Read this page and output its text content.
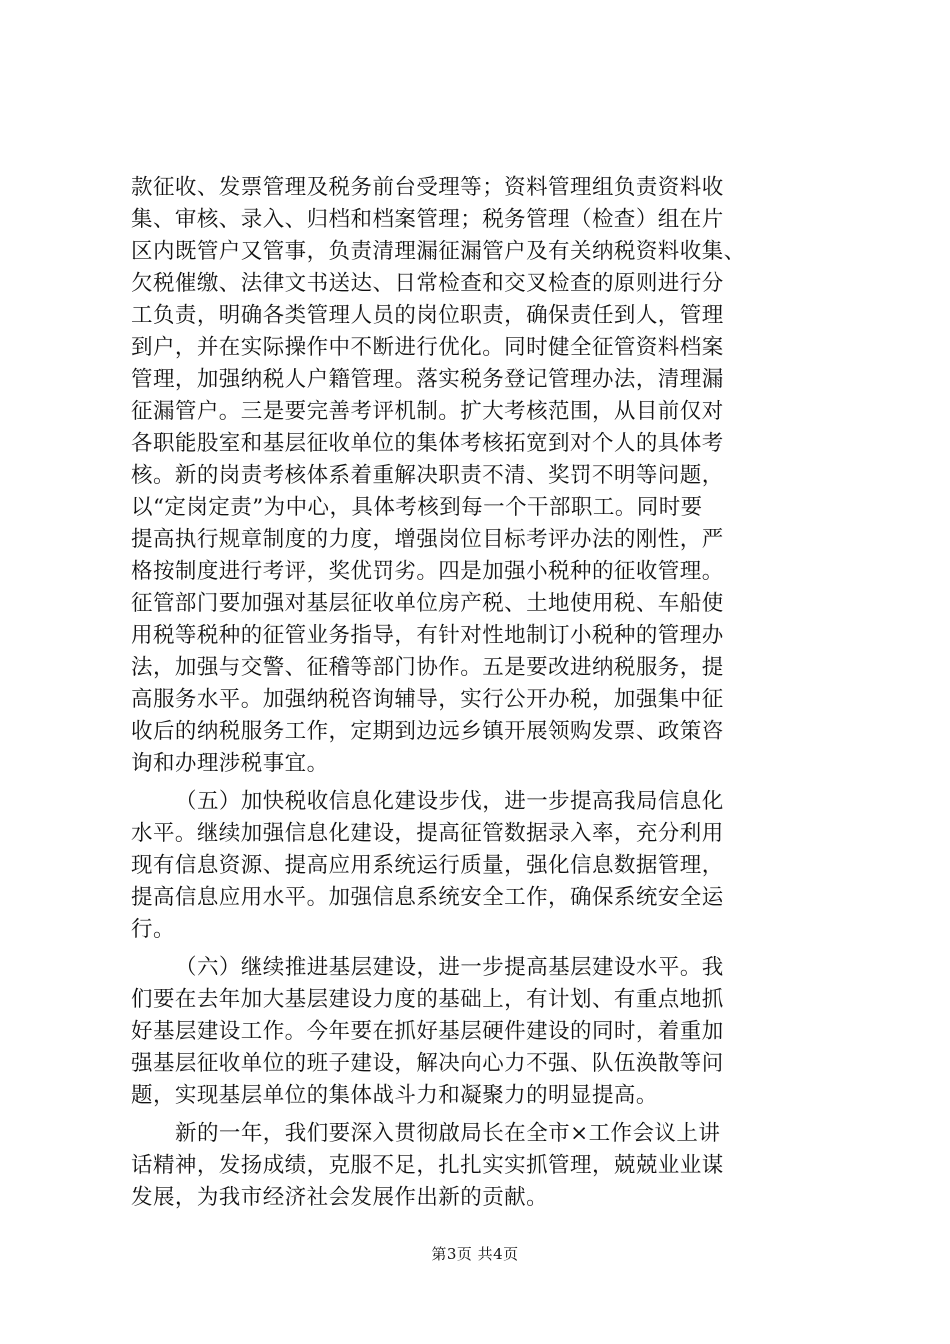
款征收、发票管理及税务前台受理等；资料管理组负责资料收
集、审核、录入、归档和档案管理；税务管理（检查）组在片
区内既管户又管事，负责清理漏征漏管户及有关纳税资料收集、
欠税催缴、法律文书送达、日常检查和交叉检查的原则进行分
工负责，明确各类管理人员的岗位职责，确保责任到人，管理
到户，并在实际操作中不断进行优化。同时健全征管资料档案
管理，加强纳税人户籍管理。落实税务登记管理办法，清理漏
征漏管户。三是要完善考评机制。扩大考核范围，从目前仅对
各职能股室和基层征收单位的集体考核拓宽到对个人的具体考
核。新的岗责考核体系着重解决职责不清、奖罚不明等问题，
以“定岗定责”为中心，具体考核到每一个干部职工。同时要
提高执行规章制度的力度，增强岗位目标考评办法的刚性，严
格按制度进行考评，奖优罚劣。四是加强小税种的征收管理。
征管部门要加强对基层征收单位房产税、土地使用税、车船使
用税等税种的征管业务指导，有针对性地制订小税种的管理办
法，加强与交警、征稽等部门协作。五是要改进纳税服务，提
高服务水平。加强纳税咨询辅导，实行公开办税，加强集中征
收后的纳税服务工作，定期到边远乡镇开展领购发票、政策咨
询和办理涉税事宜。
（五）加快税收信息化建设步伐，进一步提高我局信息化
水平。继续加强信息化建设，提高征管数据录入率，充分利用
现有信息资源、提高应用系统运行质量，强化信息数据管理，
提高信息应用水平。加强信息系统安全工作，确保系统安全运
行。
（六）继续推进基层建设，进一步提高基层建设水平。我
们要在去年加大基层建设力度的基础上，有计划、有重点地抓
好基层建设工作。今年要在抓好基层硬件建设的同时，着重加
强基层征收单位的班子建设，解决向心力不强、队伍涣散等问
题，实现基层单位的集体战斗力和凝聚力的明显提高。
新的一年，我们要深入贯彻啟局长在全市×工作会议上讲
话精神，发扬成绩，克服不足，扎扎实实抓管理，兢兢业业谋
发展，为我市经济社会发展作出新的贡献。
第3页 共4页
